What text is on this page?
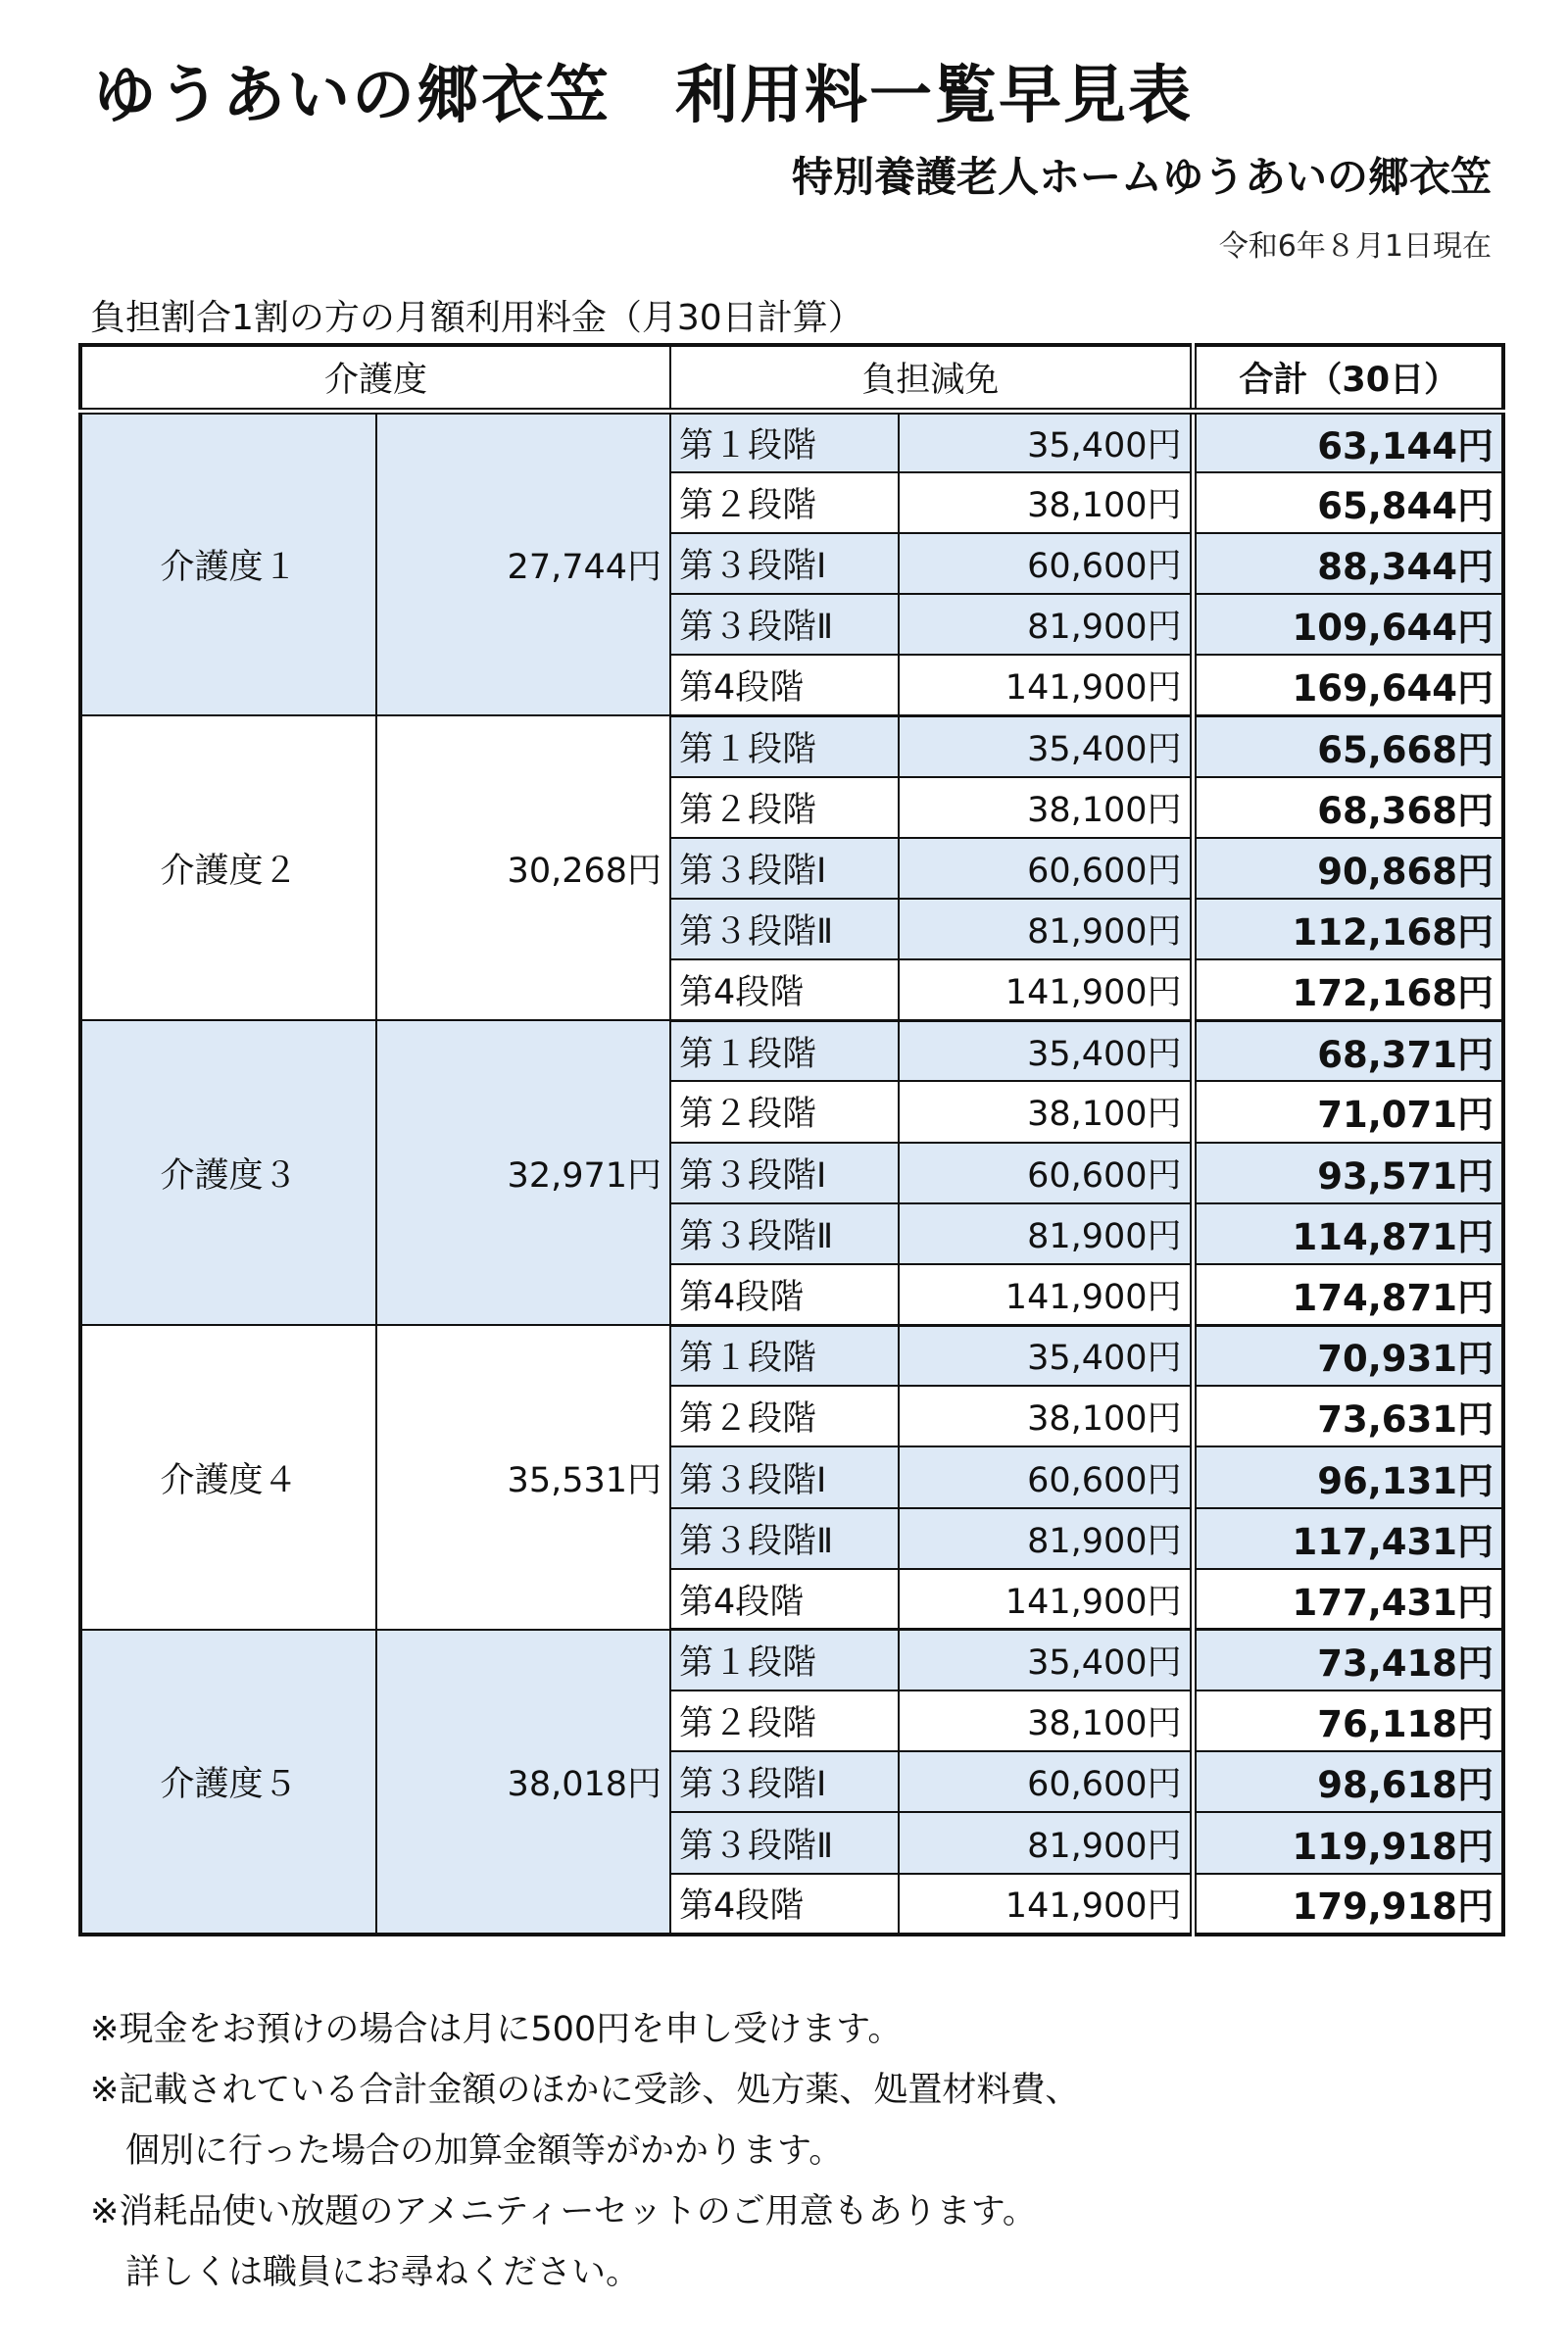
ゆうあいの郷衣笠　利用料一覧早見表
特別養護老人ホームゆうあいの郷衣笠
令和6年８月1日現在
負担割合1割の方の月額利用料金（月30日計算）
介護度		負担減免		合計（30日）
介護度１	27,744円	第１段階	35,400円	63,144円
		第２段階	38,100円	65,844円
		第３段階Ⅰ	60,600円	88,344円
		第３段階Ⅱ	81,900円	109,644円
		第4段階	141,900円	169,644円
介護度２	30,268円	第１段階	35,400円	65,668円
		第２段階	38,100円	68,368円
		第３段階Ⅰ	60,600円	90,868円
		第３段階Ⅱ	81,900円	112,168円
		第4段階	141,900円	172,168円
介護度３	32,971円	第１段階	35,400円	68,371円
		第２段階	38,100円	71,071円
		第３段階Ⅰ	60,600円	93,571円
		第３段階Ⅱ	81,900円	114,871円
		第4段階	141,900円	174,871円
介護度４	35,531円	第１段階	35,400円	70,931円
		第２段階	38,100円	73,631円
		第３段階Ⅰ	60,600円	96,131円
		第３段階Ⅱ	81,900円	117,431円
		第4段階	141,900円	177,431円
介護度５	38,018円	第１段階	35,400円	73,418円
		第２段階	38,100円	76,118円
		第３段階Ⅰ	60,600円	98,618円
		第３段階Ⅱ	81,900円	119,918円
		第4段階	141,900円	179,918円
※現金をお預けの場合は月に500円を申し受けます。
※記載されている合計金額のほかに受診、処方薬、処置材料費、
個別に行った場合の加算金額等がかかります。
※消耗品使い放題のアメニティーセットのご用意もあります。
詳しくは職員にお尋ねください。
